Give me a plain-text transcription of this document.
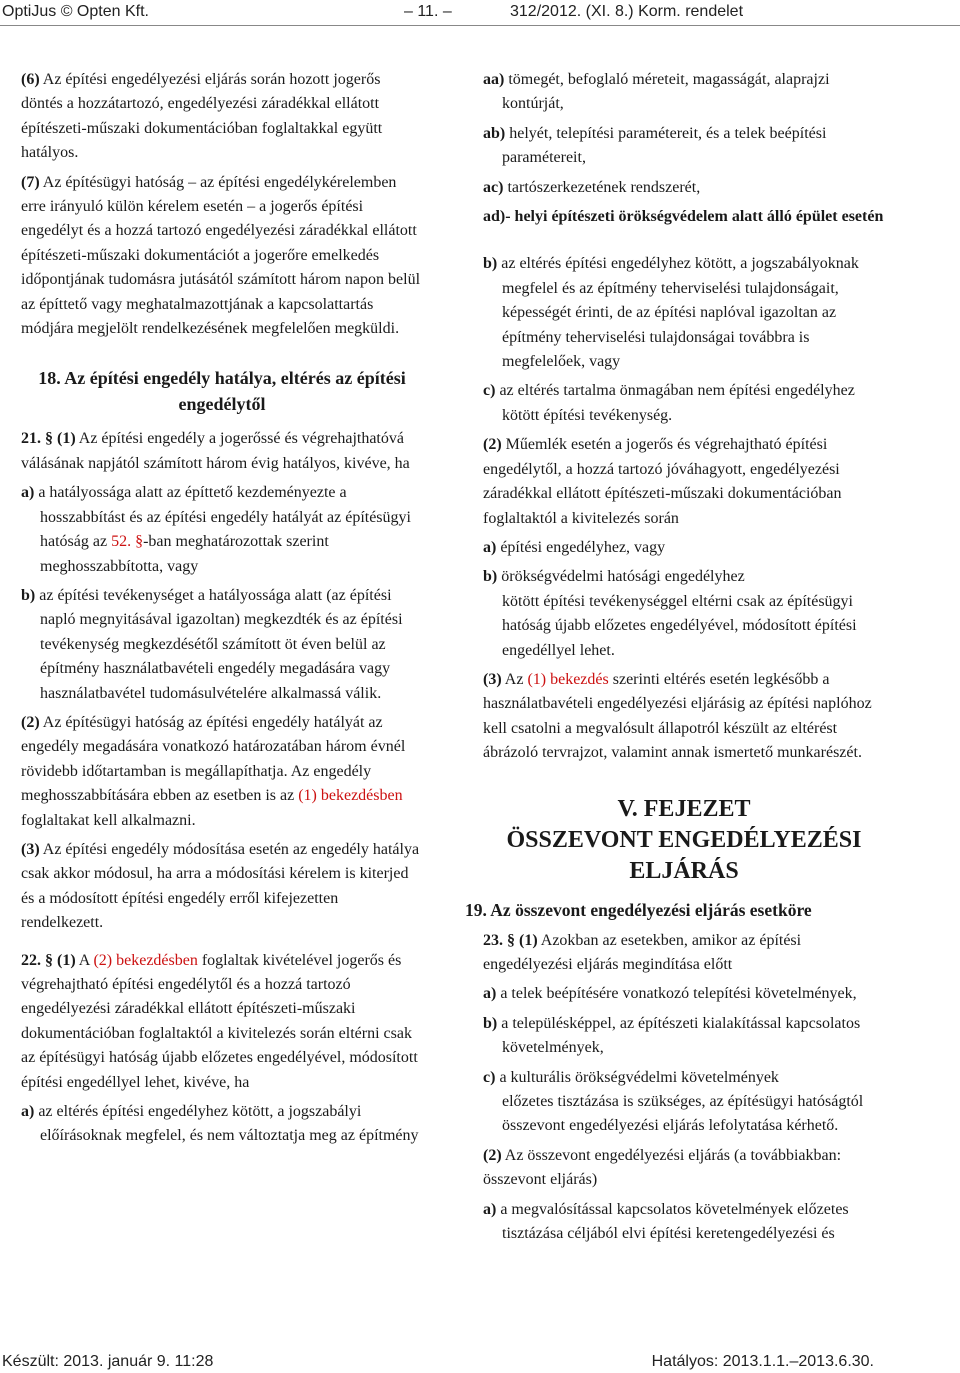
OptiJus © Opten Kft.	– 11. –	312/2012. (XI. 8.) Korm. rendelet

(6) Az építési engedélyezési eljárás során hozott jogerős döntés a hozzátartozó, engedélyezési záradékkal ellátott építészeti-műszaki dokumentációban foglaltakkal együtt hatályos.

(7) Az építésügyi hatóság – az építési engedélykérelemben erre irányuló külön kérelem esetén – a jogerős építési engedélyt és a hozzá tartozó engedélyezési záradékkal ellátott építészeti-műszaki dokumentációt a jogerőre emelkedés időpontjának tudomásra jutásától számított három napon belül az építtető vagy meghatalmazottjának a kapcsolattartás módjára megjelölt rendelkezésének megfelelően megküldi.

18. Az építési engedély hatálya, eltérés az építési engedélytől

21. § (1) Az építési engedély a jogerőssé és végrehajthatóvá válásának napjától számított három évig hatályos, kivéve, ha

a) a hatályossága alatt az építtető kezdeményezte a hosszabbítást és az építési engedély hatályát az építésügyi hatóság az 52. §-ban meghatározottak szerint meghosszabbította, vagy

b) az építési tevékenységet a hatályossága alatt (az építési napló megnyitásával igazoltan) megkezdték és az építési tevékenység megkezdésétől számított öt éven belül az építmény használatbavételi engedély megadására vagy használatbavétel tudomásulvételére alkalmassá válik.

(2) Az építésügyi hatóság az építési engedély hatályát az engedély megadására vonatkozó határozatában három évnél rövidebb időtartamban is megállapíthatja. Az engedély meghosszabbítására ebben az esetben is az (1) bekezdésben foglaltakat kell alkalmazni.

(3) Az építési engedély módosítása esetén az engedély hatálya csak akkor módosul, ha arra a módosítási kérelem is kiterjed és a módosított építési engedély erről kifejezetten rendelkezett.

22. § (1) A (2) bekezdésben foglaltak kivételével jogerős és végrehajtható építési engedélytől és a hozzá tartozó engedélyezési záradékkal ellátott építészeti-műszaki dokumentációban foglaltaktól a kivitelezés során eltérni csak az építésügyi hatóság újabb előzetes engedélyével, módosított építési engedéllyel lehet, kivéve, ha

a) az eltérés építési engedélyhez kötött, a jogszabályi előírásoknak megfelel, és nem változtatja meg az építmény

aa) tömegét, befoglaló méreteit, magasságát, alaprajzi kontúrját,

ab) helyét, telepítési paramétereit, és a telek beépítési paramétereit,

ac) tartószerkezetének rendszerét,

ad)- helyi építészeti örökségvédelem alatt álló épület esetén

b) az eltérés építési engedélyhez kötött, a jogszabályoknak megfelel és az építmény teherviselési tulajdonságait, képességét érinti, de az építési naplóval igazoltan az építmény teherviselési tulajdonságai továbbra is megfelelőek, vagy

c) az eltérés tartalma önmagában nem építési engedélyhez kötött építési tevékenység.

(2) Műemlék esetén a jogerős és végrehajtható építési engedélytől, a hozzá tartozó jóváhagyott, engedélyezési záradékkal ellátott építészeti-műszaki dokumentációban foglaltaktól a kivitelezés során

a) építési engedélyhez, vagy

b) örökségvédelmi hatósági engedélyhez

kötött építési tevékenységgel eltérni csak az építésügyi hatóság újabb előzetes engedélyével, módosított építési engedéllyel lehet.

(3) Az (1) bekezdés szerinti eltérés esetén legkésőbb a használatbavételi engedélyezési eljárásig az építési naplóhoz kell csatolni a megvalósult állapotról készült az eltérést ábrázoló tervrajzot, valamint annak ismertető munkarészét.

V. FEJEZET
ÖSSZEVONT ENGEDÉLYEZÉSI
ELJÁRÁS
19. Az összevont engedélyezési eljárás esetköre

23. § (1) Azokban az esetekben, amikor az építési engedélyezési eljárás megindítása előtt

a) a telek beépítésére vonatkozó telepítési követelmények,

b) a településképpel, az építészeti kialakítással kapcsolatos követelmények,

c) a kulturális örökségvédelmi követelmények

előzetes tisztázása is szükséges, az építésügyi hatóságtól összevont engedélyezési eljárás lefolytatása kérhető.

(2) Az összevont engedélyezési eljárás (a továbbiakban: összevont eljárás)

a) a megvalósítással kapcsolatos követelmények előzetes tisztázása céljából elvi építési keretengedélyezési és

Készült: 2013. január 9. 11:28	Hatályos: 2013.1.1.–2013.6.30.
